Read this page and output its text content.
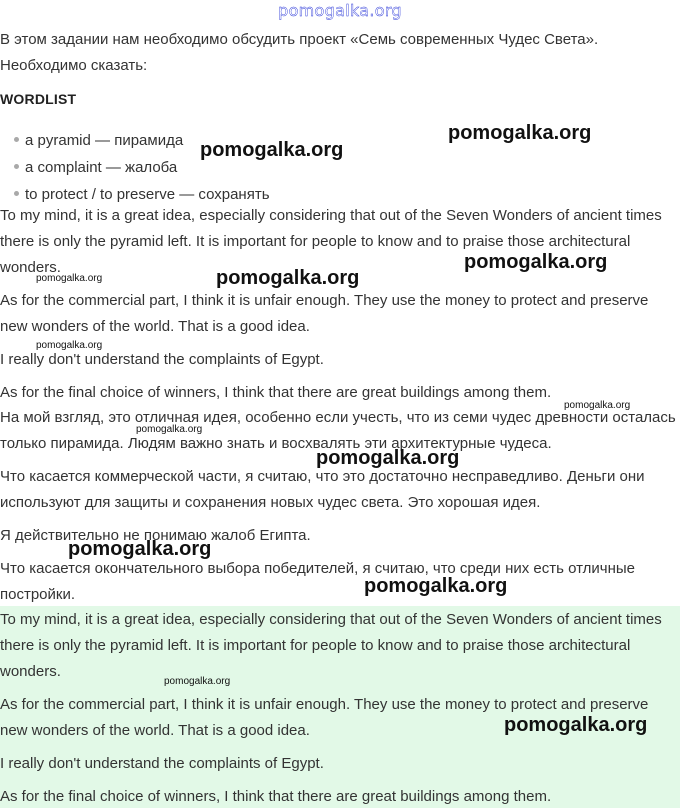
pomogalka.org

В этом задании нам необходимо обсудить проект «Семь современных Чудес Света». Необходимо сказать:

WORDLIST
a pyramid — пирамида
a complaint — жалоба
to protect / to preserve — сохранять

To my mind, it is a great idea, especially considering that out of the Seven Wonders of ancient times there is only the pyramid left. It is important for people to know and to praise those architectural wonders.

As for the commercial part, I think it is unfair enough. They use the money to protect and preserve new wonders of the world. That is a good idea.

I really don't understand the complaints of Egypt.

As for the final choice of winners, I think that there are great buildings among them.

На мой взгляд, это отличная идея, особенно если учесть, что из семи чудес древности осталась только пирамида. Людям важно знать и восхвалять эти архитектурные чудеса.

Что касается коммерческой части, я считаю, что это достаточно несправедливо. Деньги они используют для защиты и сохранения новых чудес света. Это хорошая идея.

Я действительно не понимаю жалоб Египта.

Что касается окончательного выбора победителей, я считаю, что среди них есть отличные постройки.

To my mind, it is a great idea, especially considering that out of the Seven Wonders of ancient times there is only the pyramid left. It is important for people to know and to praise those architectural wonders.

As for the commercial part, I think it is unfair enough. They use the money to protect and preserve new wonders of the world. That is a good idea.

I really don't understand the complaints of Egypt.

As for the final choice of winners, I think that there are great buildings among them.

pomogalka.org
pomogalka.org
pomogalka.org
pomogalka.org
pomogalka.org
pomogalka.org
pomogalka.org
pomogalka.org
pomogalka.org
pomogalka.org
pomogalka.org
pomogalka.org
pomogalka.org
